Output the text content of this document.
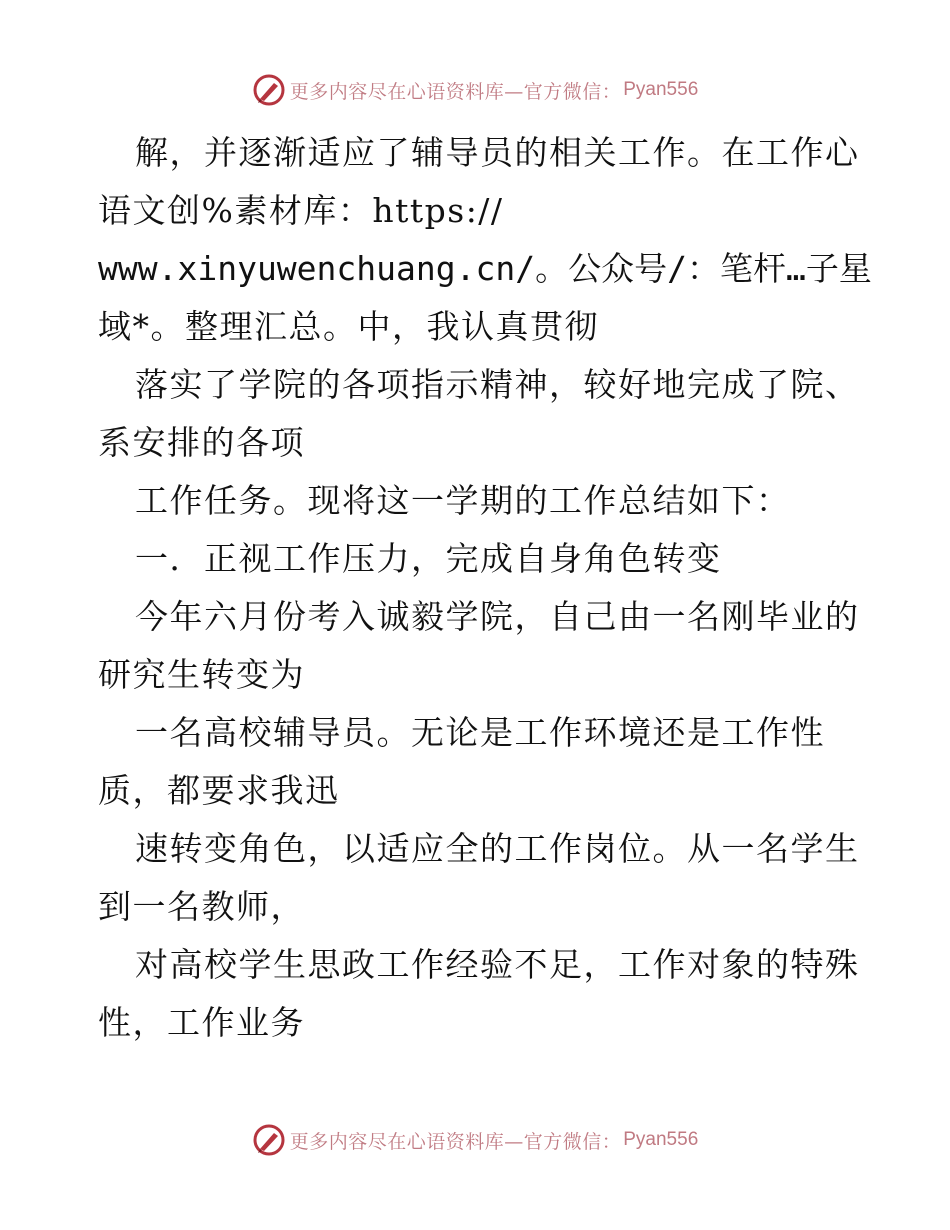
更多内容尽在心语资料库—官方微信： Pyan556
解，并逐渐适应了辅导员的相关工作。在工作心
语文创%素材库：https://
www.xinyuwenchuang.cn/。公众号/：笔杆…子星
域*。整理汇总。中，我认真贯彻
落实了学院的各项指示精神，较好地完成了院、
系安排的各项
工作任务。现将这一学期的工作总结如下：
一．正视工作压力，完成自身角色转变
今年六月份考入诚毅学院，自己由一名刚毕业的
研究生转变为
一名高校辅导员。无论是工作环境还是工作性
质，都要求我迅
速转变角色，以适应全的工作岗位。从一名学生
到一名教师，
对高校学生思政工作经验不足，工作对象的特殊
性，工作业务
更多内容尽在心语资料库—官方微信： Pyan556
